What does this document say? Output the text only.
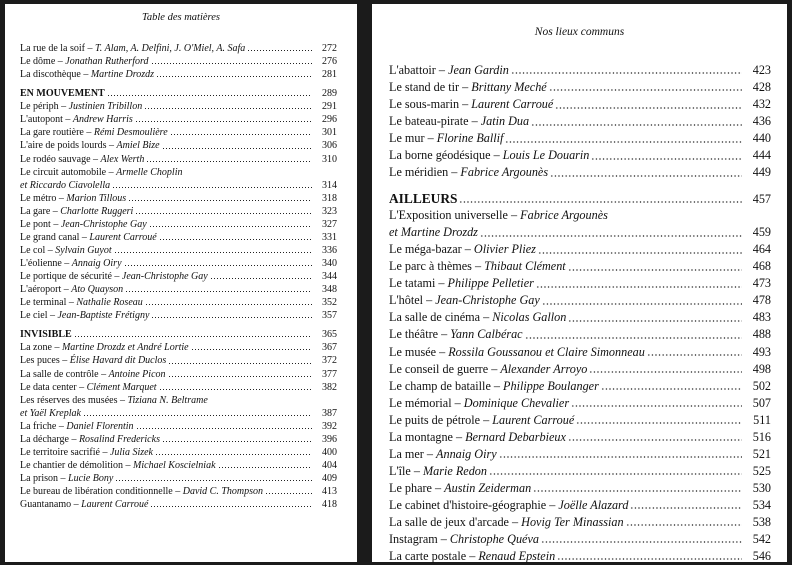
Table des matières
La rue de la soif – T. Alam, A. Delfini, J. O'Miel, A. Safa	272
Le dôme – Jonathan Rutherford	276
La discothèque – Martine Drozdz	281
EN MOUVEMENT	289
Le périph – Justinien Tribillon	291
L'autopont – Andrew Harris	296
La gare routière – Rémi Desmoulière	301
L'aire de poids lourds – Amiel Bize	306
Le rodéo sauvage – Alex Werth	310
Le circuit automobile – Armelle Choplin
et Riccardo Ciavolella	314
Le métro – Marion Tillous	318
La gare – Charlotte Ruggeri	323
Le pont – Jean-Christophe Gay	327
Le grand canal – Laurent Carroué	331
Le col – Sylvain Guyot	336
L'éolienne – Annaig Oiry	340
Le portique de sécurité – Jean-Christophe Gay	344
L'aéroport – Ato Quayson	348
Le terminal – Nathalie Roseau	352
Le ciel – Jean-Baptiste Frétigny	357
INVISIBLE	365
La zone – Martine Drozdz et André Lortie	367
Les puces – Élise Havard dit Duclos	372
La salle de contrôle – Antoine Picon	377
Le data center – Clément Marquet	382
Les réserves des musées – Tiziana N. Beltrame
et Yaël Kreplak	387
La friche – Daniel Florentin	392
La décharge – Rosalind Fredericks	396
Le territoire sacrifié – Julia Sizek	400
Le chantier de démolition – Michael Koscielniak	404
La prison – Lucie Bony	409
Le bureau de libération conditionnelle – David C. Thompson	413
Guantanamo – Laurent Carroué	418
Nos lieux communs
L'abattoir – Jean Gardin	423
Le stand de tir – Brittany Meché	428
Le sous-marin – Laurent Carroué	432
Le bateau-pirate – Jatin Dua	436
Le mur – Florine Ballif	440
La borne géodésique – Louis Le Douarin	444
Le méridien – Fabrice Argounès	449
AILLEURS	457
L'Exposition universelle – Fabrice Argounès
et Martine Drozdz	459
Le méga-bazar – Olivier Pliez	464
Le parc à thèmes – Thibaut Clément	468
Le tatami – Philippe Pelletier	473
L'hôtel – Jean-Christophe Gay	478
La salle de cinéma – Nicolas Gallon	483
Le théâtre – Yann Calbérac	488
Le musée – Rossila Goussanou et Claire Simonneau	493
Le conseil de guerre – Alexander Arroyo	498
Le champ de bataille – Philippe Boulanger	502
Le mémorial – Dominique Chevalier	507
Le puits de pétrole – Laurent Carroué	511
La montagne – Bernard Debarbieux	516
La mer – Annaig Oiry	521
L'île – Marie Redon	525
Le phare – Austin Zeiderman	530
Le cabinet d'histoire-géographie – Joëlle Alazard	534
La salle de jeux d'arcade – Hovig Ter Minassian	538
Instagram – Christophe Quéva	542
La carte postale – Renaud Epstein	546
